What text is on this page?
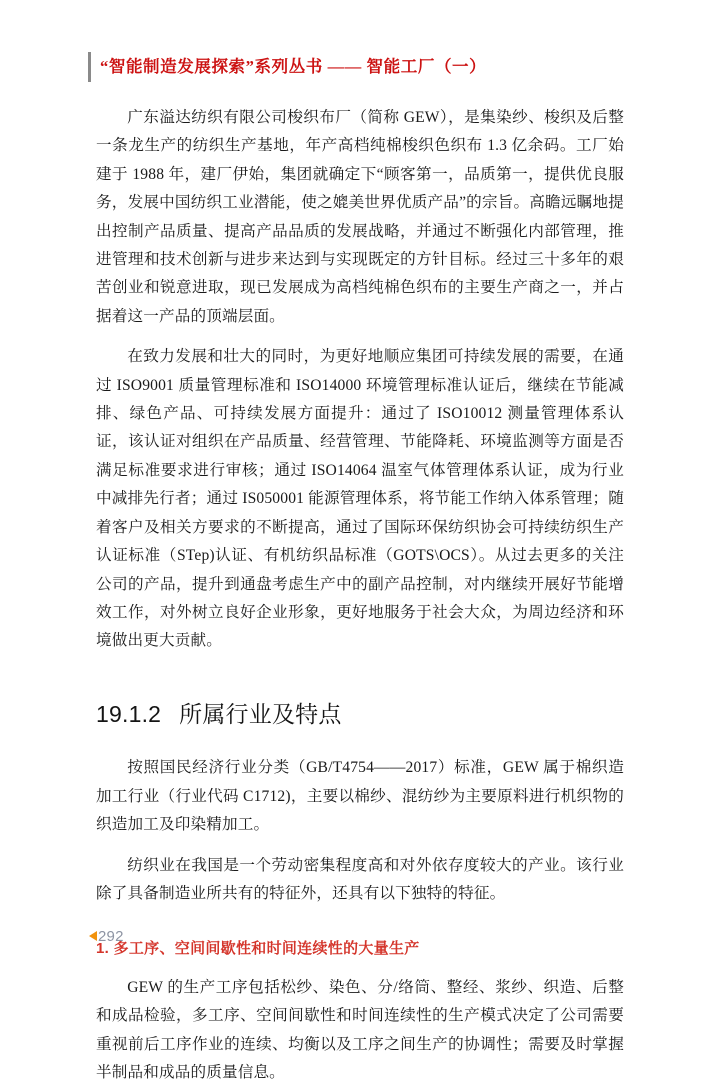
“智能制造发展探索”系列丛书 —— 智能工厂（一）

广东溢达纺织有限公司梭织布厂（简称 GEW），是集染纱、梭织及后整一条龙生产的纺织生产基地，年产高档纯棉梭织色织布 1.3 亿余码。工厂始建于 1988 年，建厂伊始，集团就确定下“顾客第一，品质第一，提供优良服务，发展中国纺织工业潜能，使之媲美世界优质产品”的宗旨。高瞻远瞩地提出控制产品质量、提高产品品质的发展战略，并通过不断强化内部管理，推进管理和技术创新与进步来达到与实现既定的方针目标。经过三十多年的艰苦创业和锐意进取，现已发展成为高档纯棉色织布的主要生产商之一，并占据着这一产品的顶端层面。

在致力发展和壮大的同时，为更好地顺应集团可持续发展的需要，在通过 ISO9001 质量管理标准和 ISO14000 环境管理标准认证后，继续在节能减排、绿色产品、可持续发展方面提升：通过了 ISO10012 测量管理体系认证，该认证对组织在产品质量、经营管理、节能降耗、环境监测等方面是否满足标准要求进行审核；通过 ISO14064 温室气体管理体系认证，成为行业中减排先行者；通过 IS050001 能源管理体系，将节能工作纳入体系管理；随着客户及相关方要求的不断提高，通过了国际环保纺织协会可持续纺织生产认证标准（STep)认证、有机纺织品标准（GOTS\OCS）。从过去更多的关注公司的产品，提升到通盘考虑生产中的副产品控制，对内继续开展好节能增效工作，对外树立良好企业形象，更好地服务于社会大众，为周边经济和环境做出更大贡献。

19.1.2 所属行业及特点

按照国民经济行业分类（GB/T4754——2017）标准，GEW 属于棉织造加工行业（行业代码 C1712)，主要以棉纱、混纺纱为主要原料进行机织物的织造加工及印染精加工。

纺织业在我国是一个劳动密集程度高和对外依存度较大的产业。该行业除了具备制造业所共有的特征外，还具有以下独特的特征。

1. 多工序、空间间歇性和时间连续性的大量生产

GEW 的生产工序包括松纱、染色、分/络筒、整经、浆纱、织造、后整和成品检验，多工序、空间间歇性和时间连续性的生产模式决定了公司需要重视前后工序作业的连续、均衡以及工序之间生产的协调性；需要及时掌握半制品和成品的质量信息。

292
